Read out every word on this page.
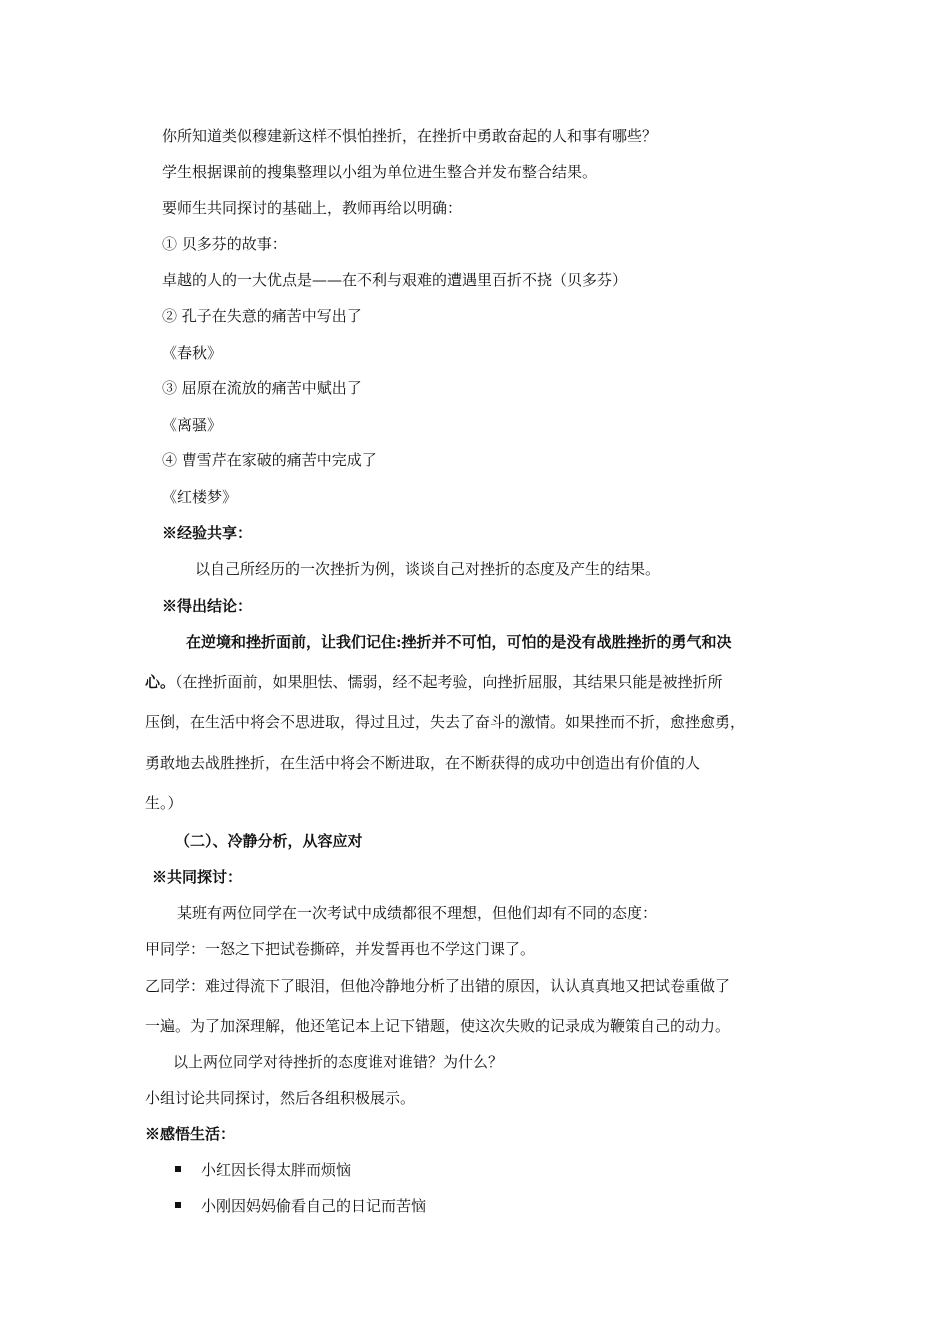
你所知道类似穆建新这样不惧怕挫折，在挫折中勇敢奋起的人和事有哪些？

学生根据课前的搜集整理以小组为单位进生整合并发布整合结果。

要师生共同探讨的基础上，教师再给以明确：

① 贝多芬的故事：

卓越的人的一大优点是——在不利与艰难的遭遇里百折不挠（贝多芬）

② 孔子在失意的痛苦中写出了

《春秋》

③ 屈原在流放的痛苦中赋出了

《离骚》

④ 曹雪芹在家破的痛苦中完成了

《红楼梦》

※经验共享：

以自己所经历的一次挫折为例，谈谈自己对挫折的态度及产生的结果。

※得出结论：

在逆境和挫折面前，让我们记住:挫折并不可怕，可怕的是没有战胜挫折的勇气和决

心。（在挫折面前，如果胆怯、懦弱，经不起考验，向挫折屈服，其结果只能是被挫折所

压倒，在生活中将会不思进取，得过且过，失去了奋斗的激情。如果挫而不折，愈挫愈勇，

勇敢地去战胜挫折，在生活中将会不断进取，在不断获得的成功中创造出有价值的人

生。）

（二）、冷静分析，从容应对

※共同探讨：

某班有两位同学在一次考试中成绩都很不理想，但他们却有不同的态度：

甲同学：一怒之下把试卷撕碎，并发誓再也不学这门课了。

乙同学：难过得流下了眼泪，但他冷静地分析了出错的原因，认认真真地又把试卷重做了

一遍。为了加深理解，他还笔记本上记下错题，使这次失败的记录成为鞭策自己的动力。

以上两位同学对待挫折的态度谁对谁错？为什么？

小组讨论共同探讨，然后各组积极展示。

※感悟生活：

小红因长得太胖而烦恼

小刚因妈妈偷看自己的日记而苦恼
